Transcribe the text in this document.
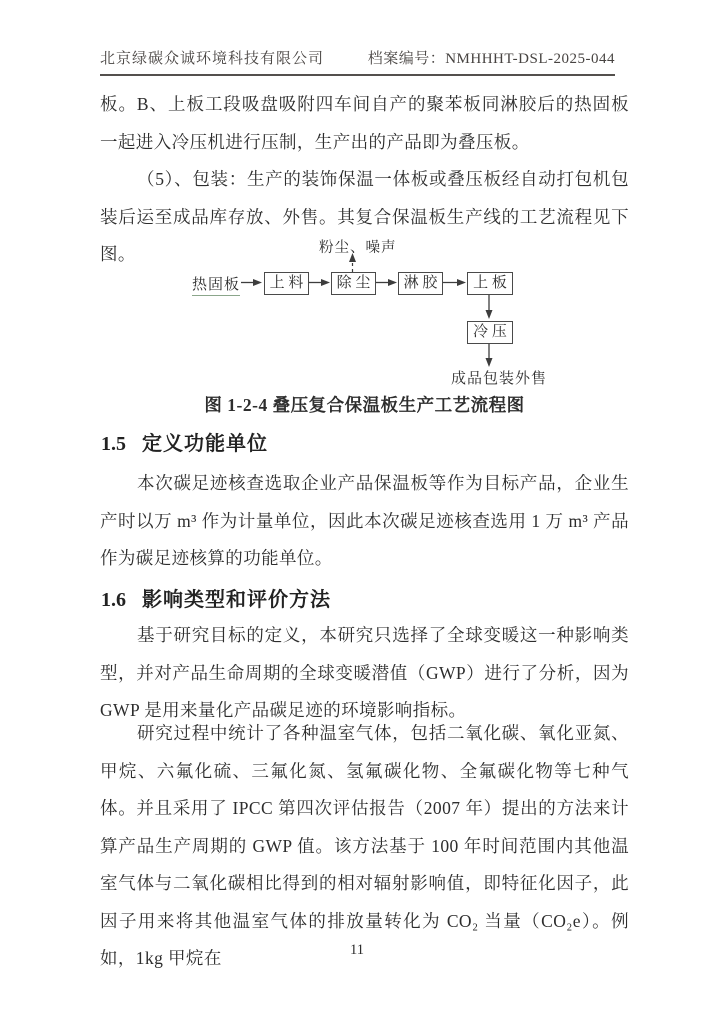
北京绿碳众诚环境科技有限公司	档案编号：NMHHHT-DSL-2025-044

板。B、上板工段吸盘吸附四车间自产的聚苯板同淋胶后的热固板一起进入冷压机进行压制，生产出的产品即为叠压板。

（5）、包装：生产的装饰保温一体板或叠压板经自动打包机包装后运至成品库存放、外售。其复合保温板生产线的工艺流程见下图。

热固板
粉尘、噪声
上 料	除 尘	淋 胶	上 板
冷 压
成品包装外售

图 1-2-4 叠压复合保温板生产工艺流程图

1.5 定义功能单位

本次碳足迹核查选取企业产品保温板等作为目标产品，企业生产时以万 m³ 作为计量单位，因此本次碳足迹核查选用 1 万 m³ 产品作为碳足迹核算的功能单位。

1.6 影响类型和评价方法

基于研究目标的定义，本研究只选择了全球变暖这一种影响类型，并对产品生命周期的全球变暖潜值（GWP）进行了分析，因为 GWP 是用来量化产品碳足迹的环境影响指标。

研究过程中统计了各种温室气体，包括二氧化碳、氧化亚氮、甲烷、六氟化硫、三氟化氮、氢氟碳化物、全氟碳化物等七种气体。并且采用了 IPCC 第四次评估报告（2007 年）提出的方法来计算产品生产周期的 GWP 值。该方法基于 100 年时间范围内其他温室气体与二氧化碳相比得到的相对辐射影响值，即特征化因子，此因子用来将其他温室气体的排放量转化为 CO₂ 当量（CO₂e）。例如，1kg 甲烷在	11
